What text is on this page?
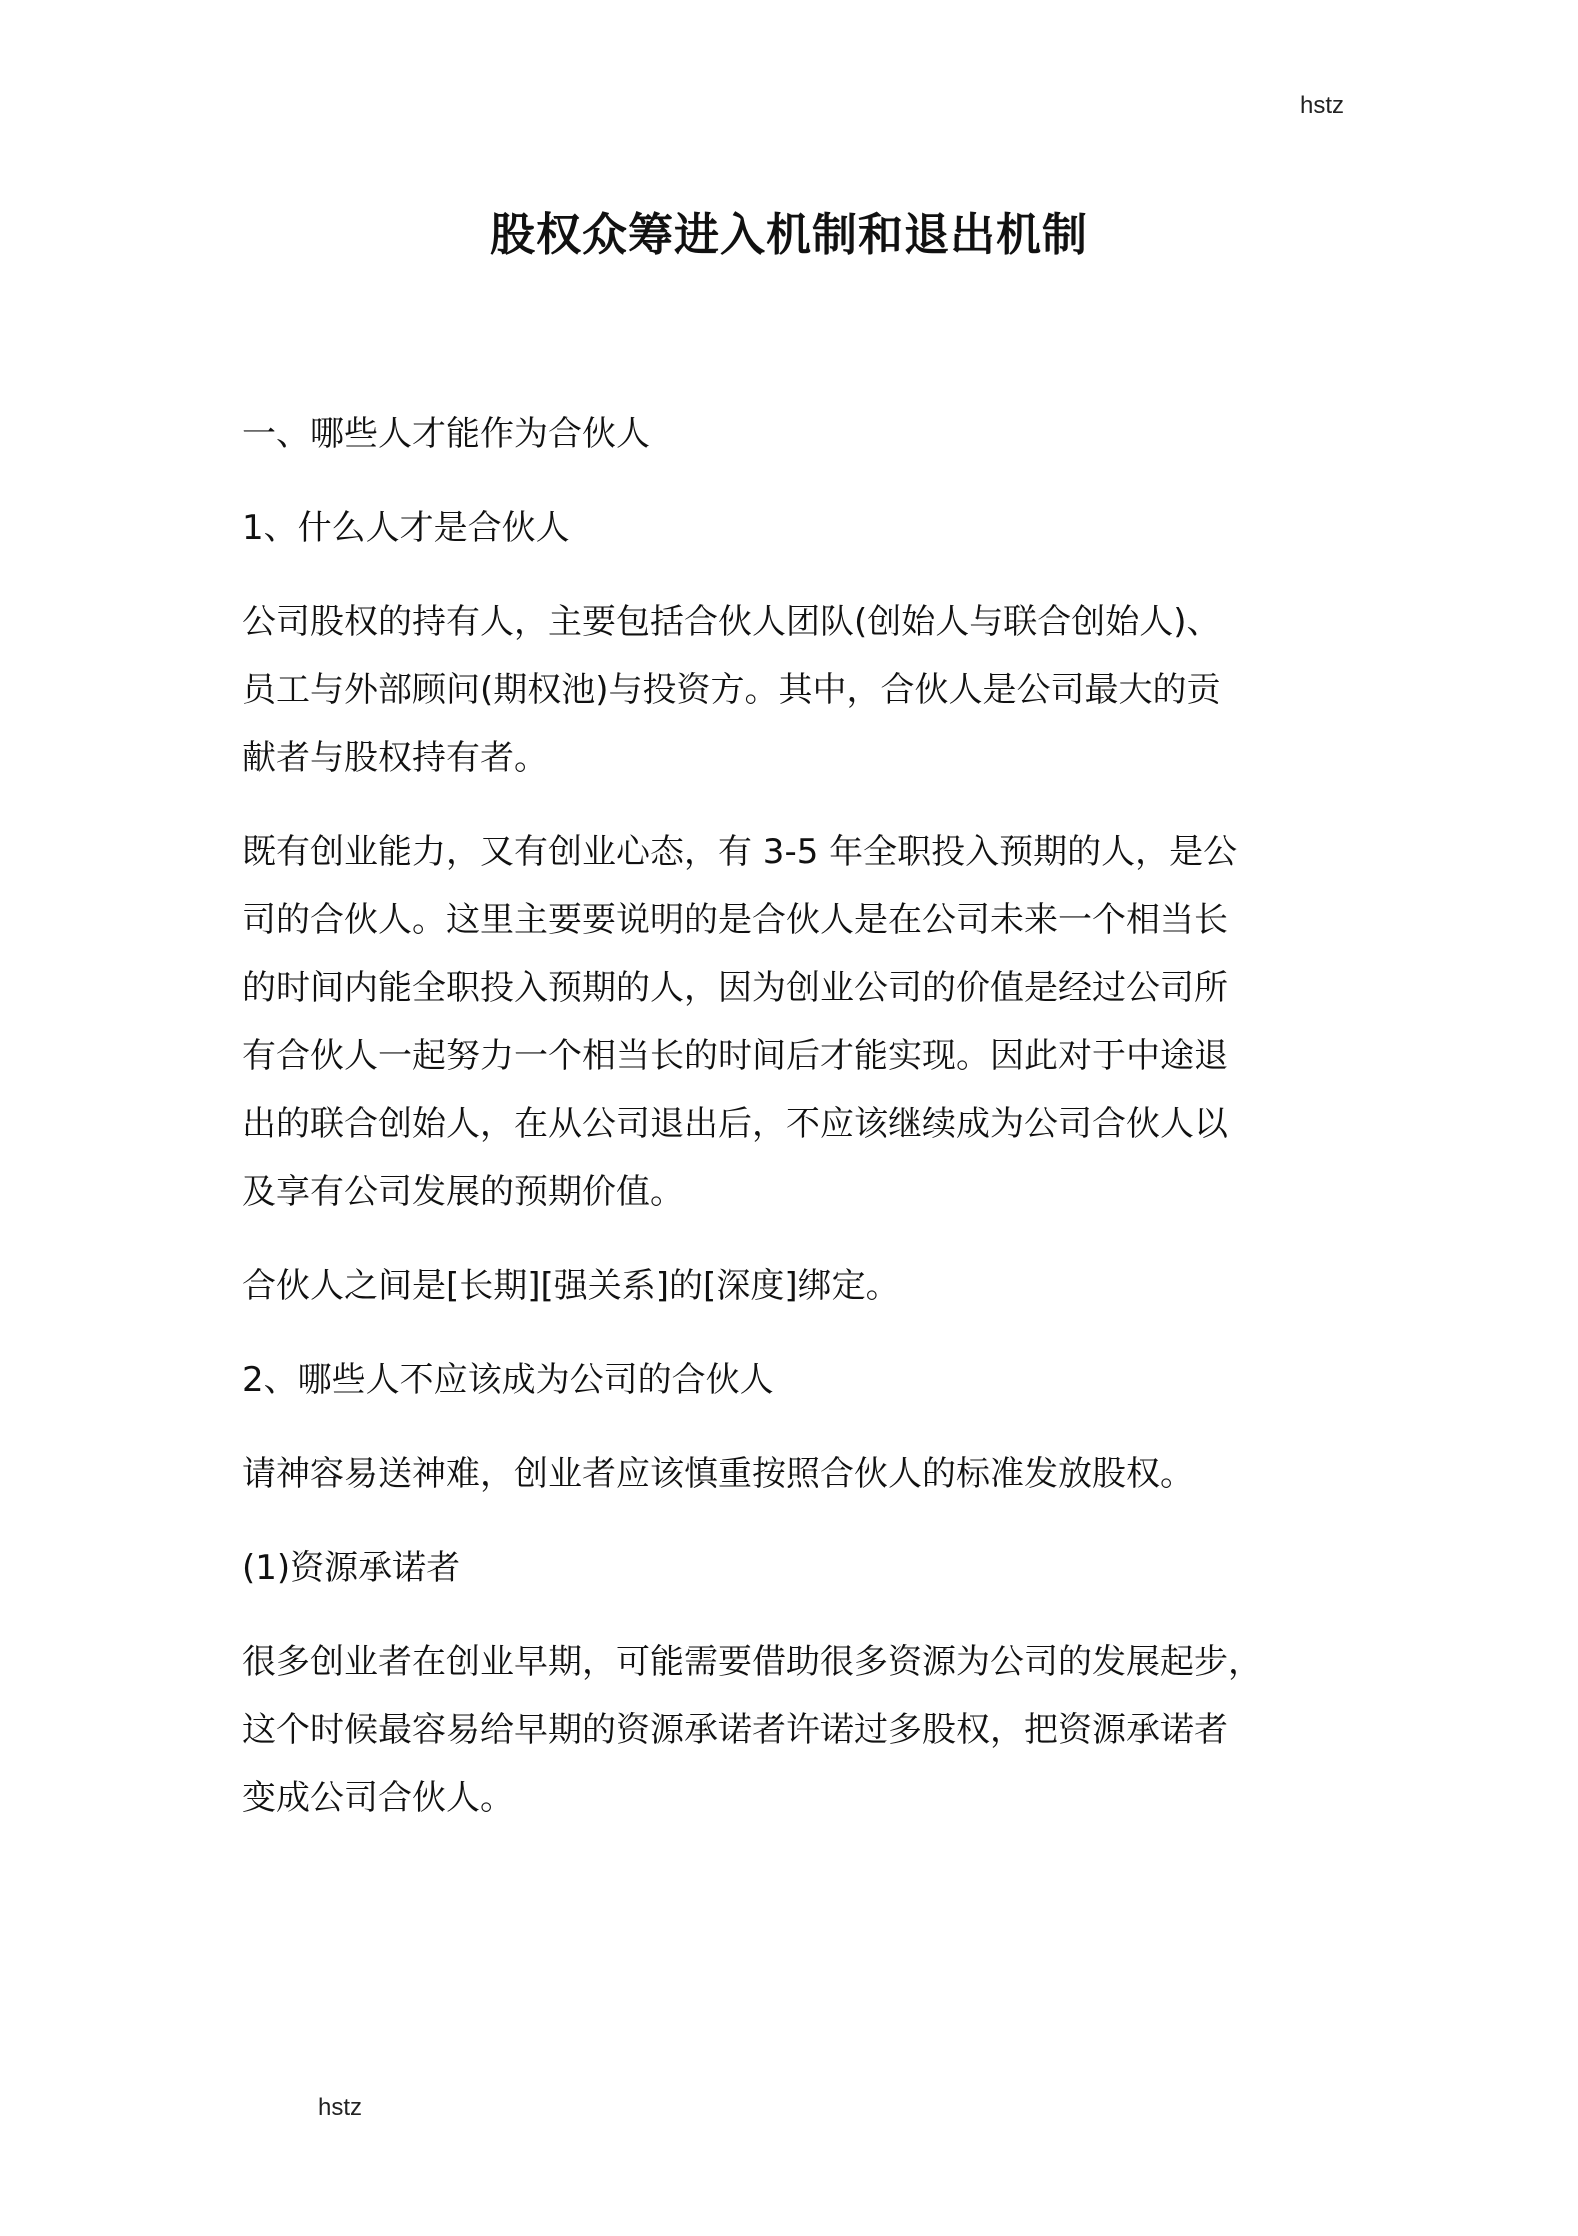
hstz
股权众筹进入机制和退出机制
一、哪些人才能作为合伙人
1、什么人才是合伙人
公司股权的持有人，主要包括合伙人团队(创始人与联合创始人)、
员工与外部顾问(期权池)与投资方。其中，合伙人是公司最大的贡
献者与股权持有者。
既有创业能力，又有创业心态，有 3-5 年全职投入预期的人，是公
司的合伙人。这里主要要说明的是合伙人是在公司未来一个相当长
的时间内能全职投入预期的人，因为创业公司的价值是经过公司所
有合伙人一起努力一个相当长的时间后才能实现。因此对于中途退
出的联合创始人，在从公司退出后，不应该继续成为公司合伙人以
及享有公司发展的预期价值。
合伙人之间是[长期][强关系]的[深度]绑定。
2、哪些人不应该成为公司的合伙人
请神容易送神难，创业者应该慎重按照合伙人的标准发放股权。
(1)资源承诺者
很多创业者在创业早期，可能需要借助很多资源为公司的发展起步，
这个时候最容易给早期的资源承诺者许诺过多股权，把资源承诺者
变成公司合伙人。
hstz
